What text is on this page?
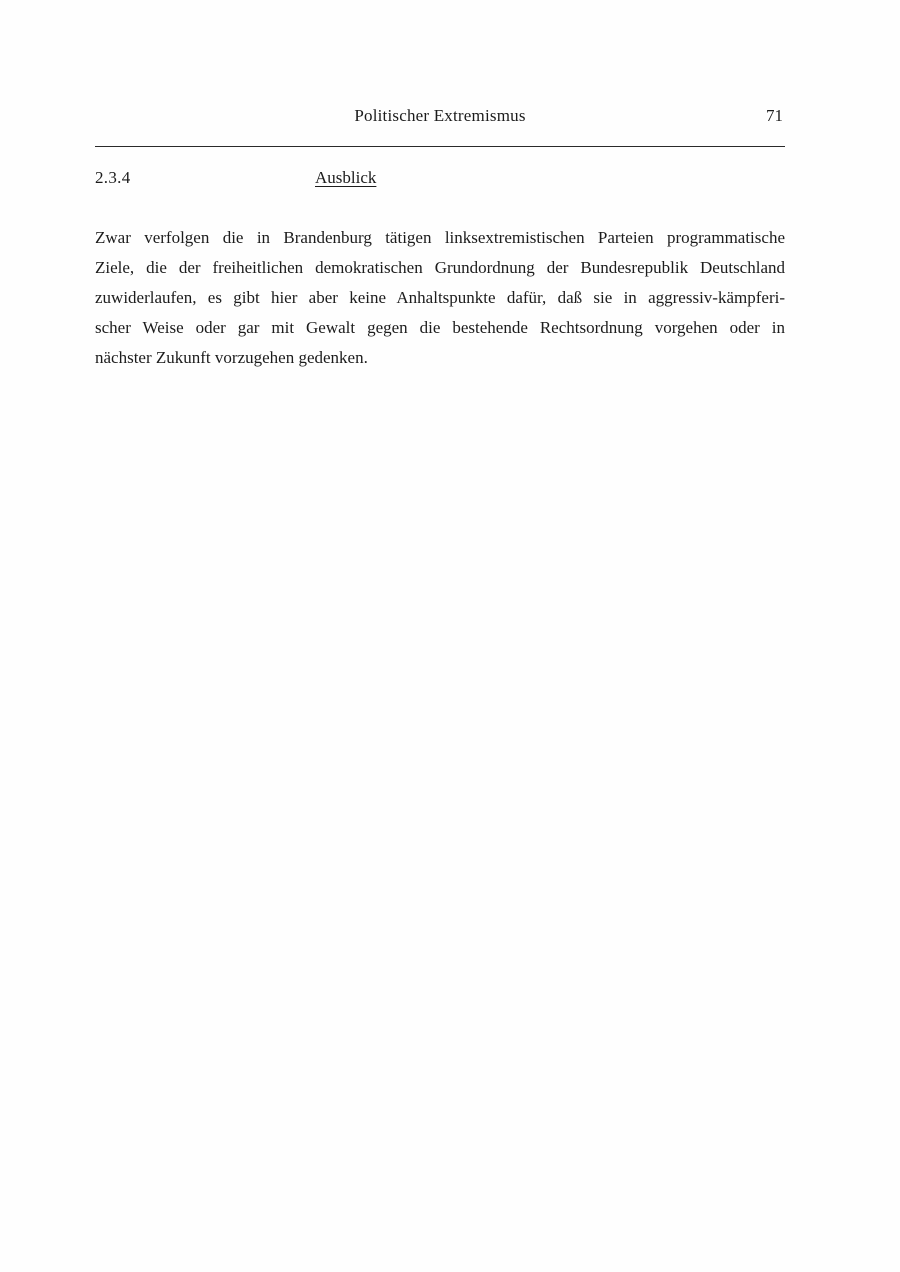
Politischer Extremismus	71
2.3.4	Ausblick
Zwar verfolgen die in Brandenburg tätigen linksextremistischen Parteien programmatische
Ziele, die der freiheitlichen demokratischen Grundordnung der Bundesrepublik Deutschland
zuwiderlaufen, es gibt hier aber keine Anhaltspunkte dafür, daß sie in aggressiv-kämpferi-
scher Weise oder gar mit Gewalt gegen die bestehende Rechtsordnung vorgehen oder in
nächster Zukunft vorzugehen gedenken.
